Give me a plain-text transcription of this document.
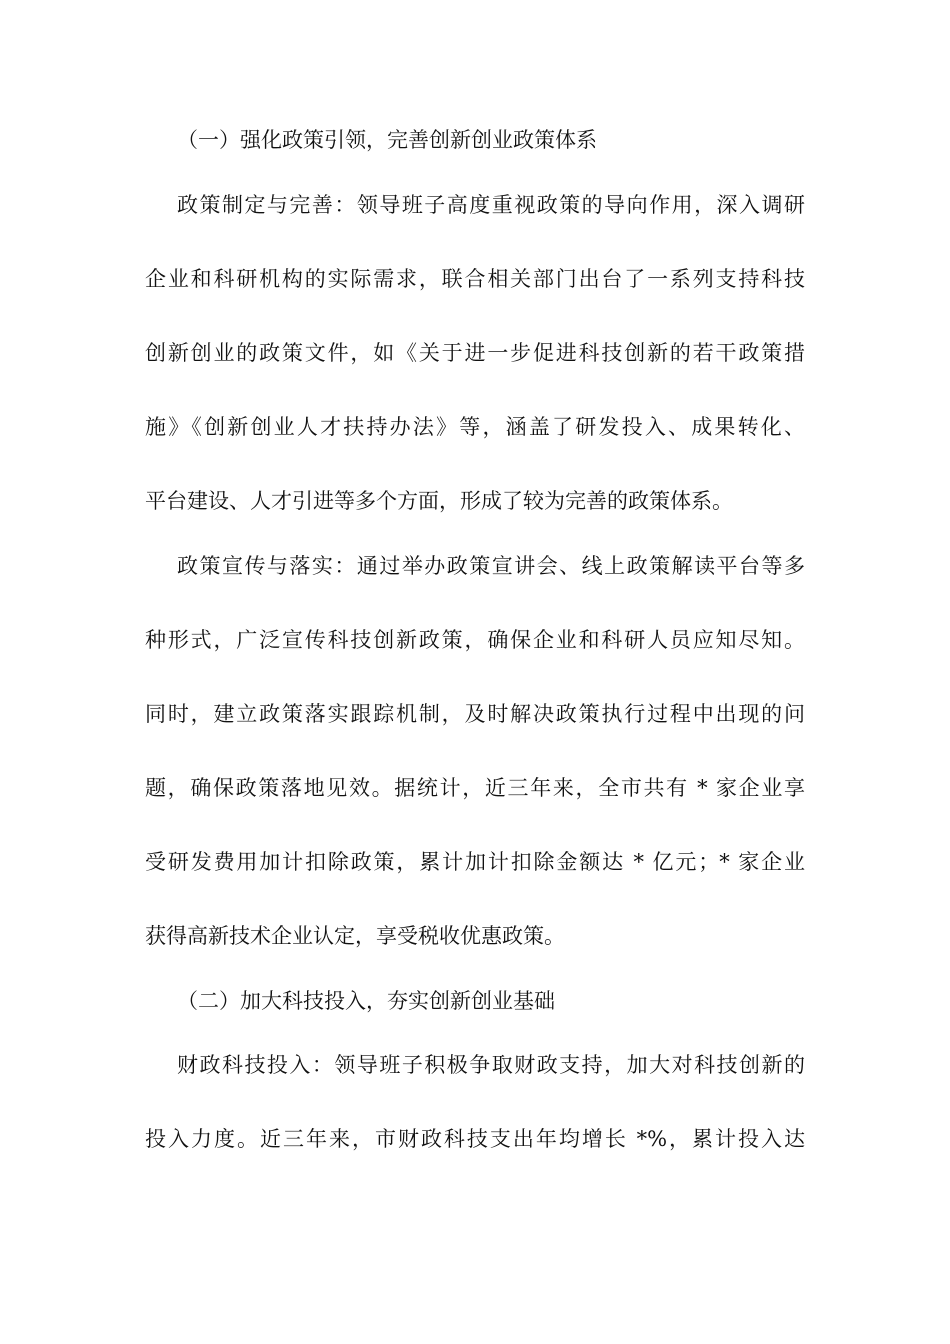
（一）强化政策引领，完善创新创业政策体系
政策制定与完善：领导班子高度重视政策的导向作用，深入调研
企业和科研机构的实际需求，联合相关部门出台了一系列支持科技
创新创业的政策文件，如《关于进一步促进科技创新的若干政策措
施》《创新创业人才扶持办法》等，涵盖了研发投入、成果转化、
平台建设、人才引进等多个方面，形成了较为完善的政策体系。
政策宣传与落实：通过举办政策宣讲会、线上政策解读平台等多
种形式，广泛宣传科技创新政策，确保企业和科研人员应知尽知。
同时，建立政策落实跟踪机制，及时解决政策执行过程中出现的问
题，确保政策落地见效。据统计，近三年来，全市共有 * 家企业享
受研发费用加计扣除政策，累计加计扣除金额达 * 亿元；* 家企业
获得高新技术企业认定，享受税收优惠政策。
（二）加大科技投入，夯实创新创业基础
财政科技投入：领导班子积极争取财政支持，加大对科技创新的
投入力度。近三年来，市财政科技支出年均增长 *%，累计投入达
